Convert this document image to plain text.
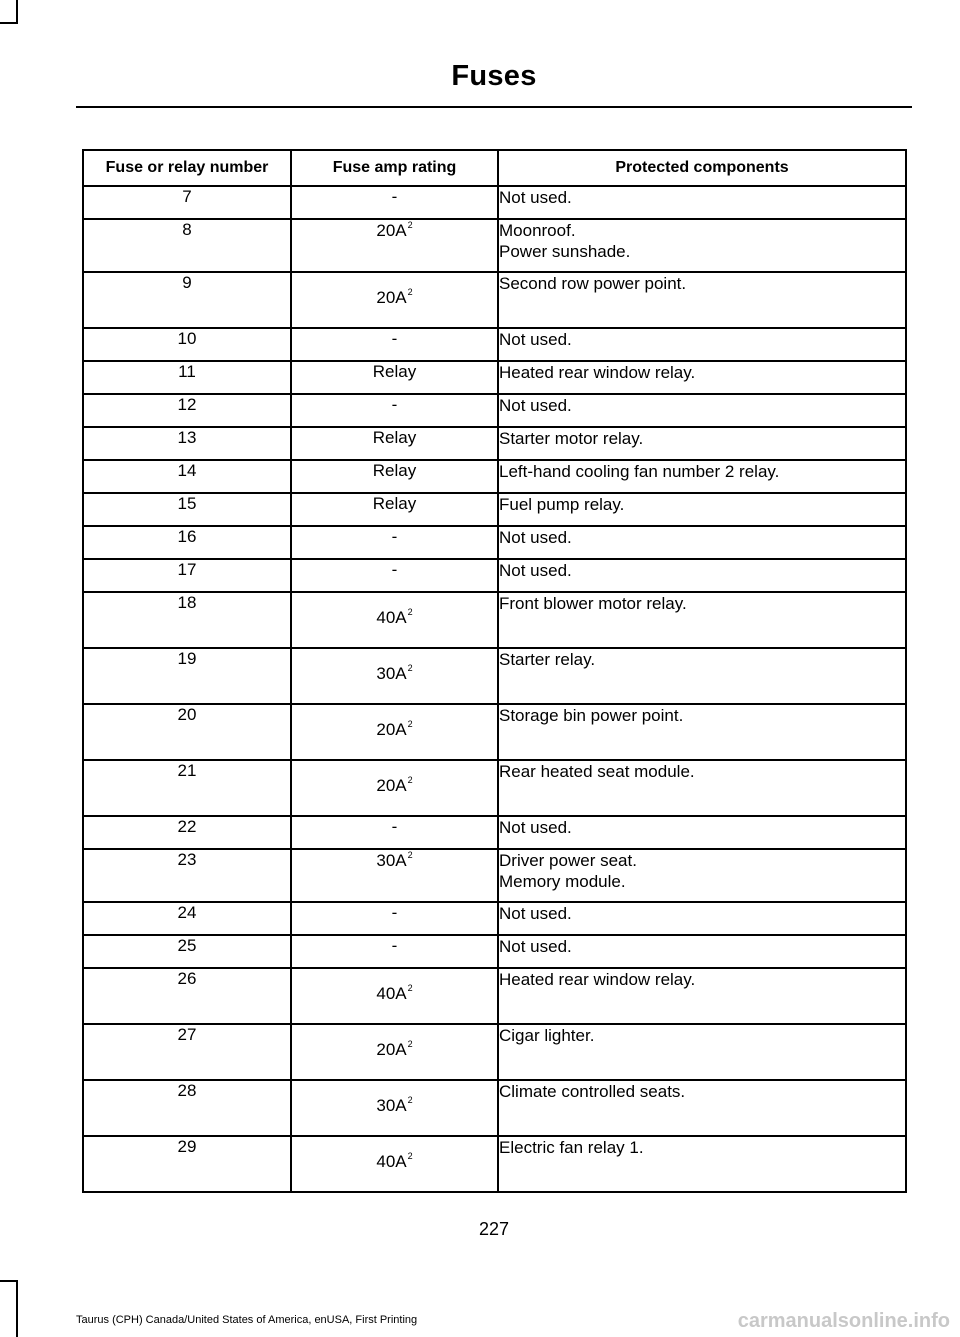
Fuses
Fuse or relay number	Fuse amp rating	Protected components
7	-	Not used.

8	20A$^2$	Moonroof.
Power sunshade.

9	20A$^2$	Second row power point.

10	-	Not used.

11	Relay	Heated rear window relay.

12	-	Not used.

13	Relay	Starter motor relay.

14	Relay	Left-hand cooling fan number 2 relay.

15	Relay	Fuel pump relay.

16	-	Not used.

17	-	Not used.

18	40A$^2$	Front blower motor relay.

19	30A$^2$	Starter relay.

20	20A$^2$	Storage bin power point.

21	20A$^2$	Rear heated seat module.

22	-	Not used.

23	30A$^2$	Driver power seat.
Memory module.

24	-	Not used.

25	-	Not used.

26	40A$^2$	Heated rear window relay.

27	20A$^2$	Cigar lighter.

28	30A$^2$	Climate controlled seats.

29	40A$^2$	Electric fan relay 1.
227
Taurus (CPH) Canada/United States of America, enUSA, First Printing	carmanualsonline.info
